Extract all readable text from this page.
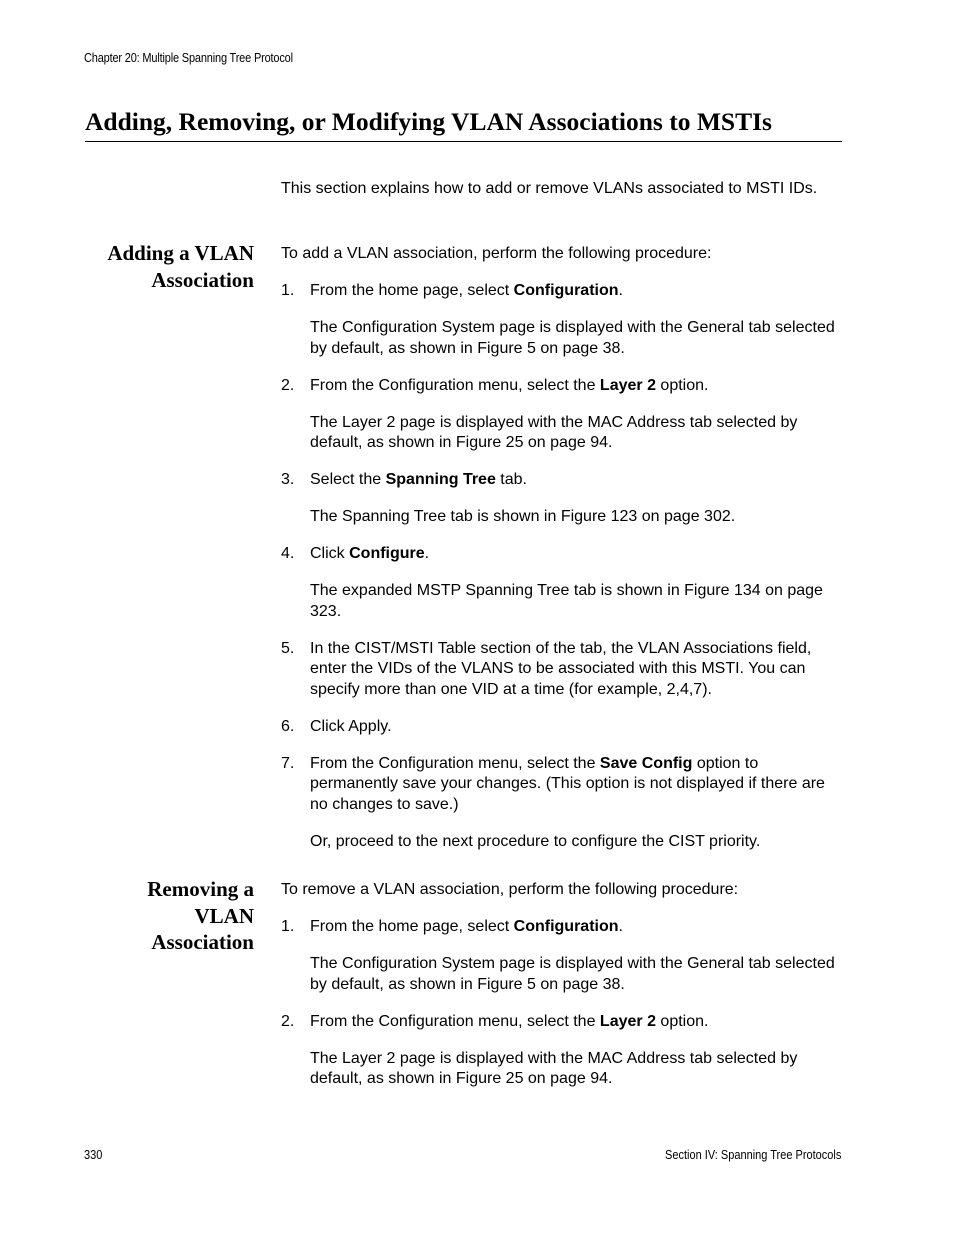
Chapter 20: Multiple Spanning Tree Protocol
Adding, Removing, or Modifying VLAN Associations to MSTIs

This section explains how to add or remove VLANs associated to MSTI IDs.

Adding a VLAN Association

To add a VLAN association, perform the following procedure:

1. From the home page, select Configuration.

The Configuration System page is displayed with the General tab selected by default, as shown in Figure 5 on page 38.

2. From the Configuration menu, select the Layer 2 option.

The Layer 2 page is displayed with the MAC Address tab selected by default, as shown in Figure 25 on page 94.

3. Select the Spanning Tree tab.

The Spanning Tree tab is shown in Figure 123 on page 302.

4. Click Configure.

The expanded MSTP Spanning Tree tab is shown in Figure 134 on page 323.

5. In the CIST/MSTI Table section of the tab, the VLAN Associations field, enter the VIDs of the VLANS to be associated with this MSTI. You can specify more than one VID at a time (for example, 2,4,7).
6. Click Apply.
7. From the Configuration menu, select the Save Config option to permanently save your changes. (This option is not displayed if there are no changes to save.)

Or, proceed to the next procedure to configure the CIST priority.

Removing a
VLAN
Association

To remove a VLAN association, perform the following procedure:

1. From the home page, select Configuration.

The Configuration System page is displayed with the General tab selected by default, as shown in Figure 5 on page 38.

2. From the Configuration menu, select the Layer 2 option.

The Layer 2 page is displayed with the MAC Address tab selected by default, as shown in Figure 25 on page 94.

330	Section IV: Spanning Tree Protocols
